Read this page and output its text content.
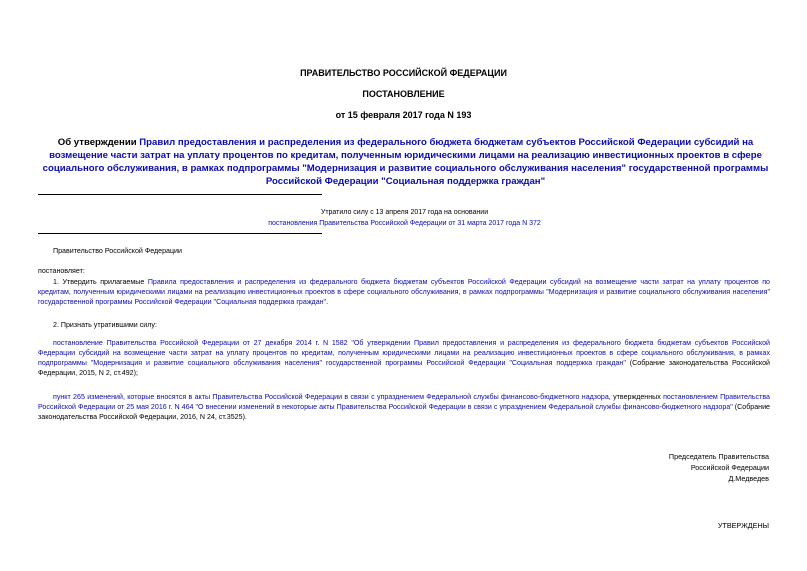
ПРАВИТЕЛЬСТВО РОССИЙСКОЙ ФЕДЕРАЦИИ

ПОСТАНОВЛЕНИЕ

от 15 февраля 2017 года N 193

Об утверждении Правил предоставления и распределения из федерального бюджета бюджетам субъектов Российской Федерации субсидий на возмещение части затрат на уплату процентов по кредитам, полученным юридическими лицами на реализацию инвестиционных проектов в сфере социального обслуживания, в рамках подпрограммы "Модернизация и развитие социального обслуживания населения" государственной программы Российской Федерации "Социальная поддержка граждан"

Утратило силу с 13 апреля 2017 года на основании
постановления Правительства Российской Федерации от 31 марта 2017 года N 372

Правительство Российской Федерации

постановляет:

1. Утвердить прилагаемые Правила предоставления и распределения из федерального бюджета бюджетам субъектов Российской Федерации субсидий на возмещение части затрат на уплату процентов по кредитам, полученным юридическими лицами на реализацию инвестиционных проектов в сфере социального обслуживания, в рамках подпрограммы "Модернизация и развитие социального обслуживания населения" государственной программы Российской Федерации "Социальная поддержка граждан".

2. Признать утратившими силу:

постановление Правительства Российской Федерации от 27 декабря 2014 г. N 1582 "Об утверждении Правил предоставления и распределения из федерального бюджета бюджетам субъектов Российской Федерации субсидий на возмещение части затрат на уплату процентов по кредитам, полученным юридическими лицами на реализацию инвестиционных проектов в сфере социального обслуживания, в рамках подпрограммы "Модернизация и развитие социального обслуживания населения" государственной программы Российской Федерации "Социальная поддержка граждан" (Собрание законодательства Российской Федерации, 2015, N 2, ст.492);

пункт 265 изменений, которые вносятся в акты Правительства Российской Федерации в связи с упразднением Федеральной службы финансово-бюджетного надзора, утвержденных постановлением Правительства Российской Федерации от 25 мая 2016 г. N 464 "О внесении изменений в некоторые акты Правительства Российской Федерации в связи с упразднением Федеральной службы финансово-бюджетного надзора" (Собрание законодательства Российской Федерации, 2016, N 24, ст.3525).

Председатель Правительства
Российской Федерации
Д.Медведев

УТВЕРЖДЕНЫ
